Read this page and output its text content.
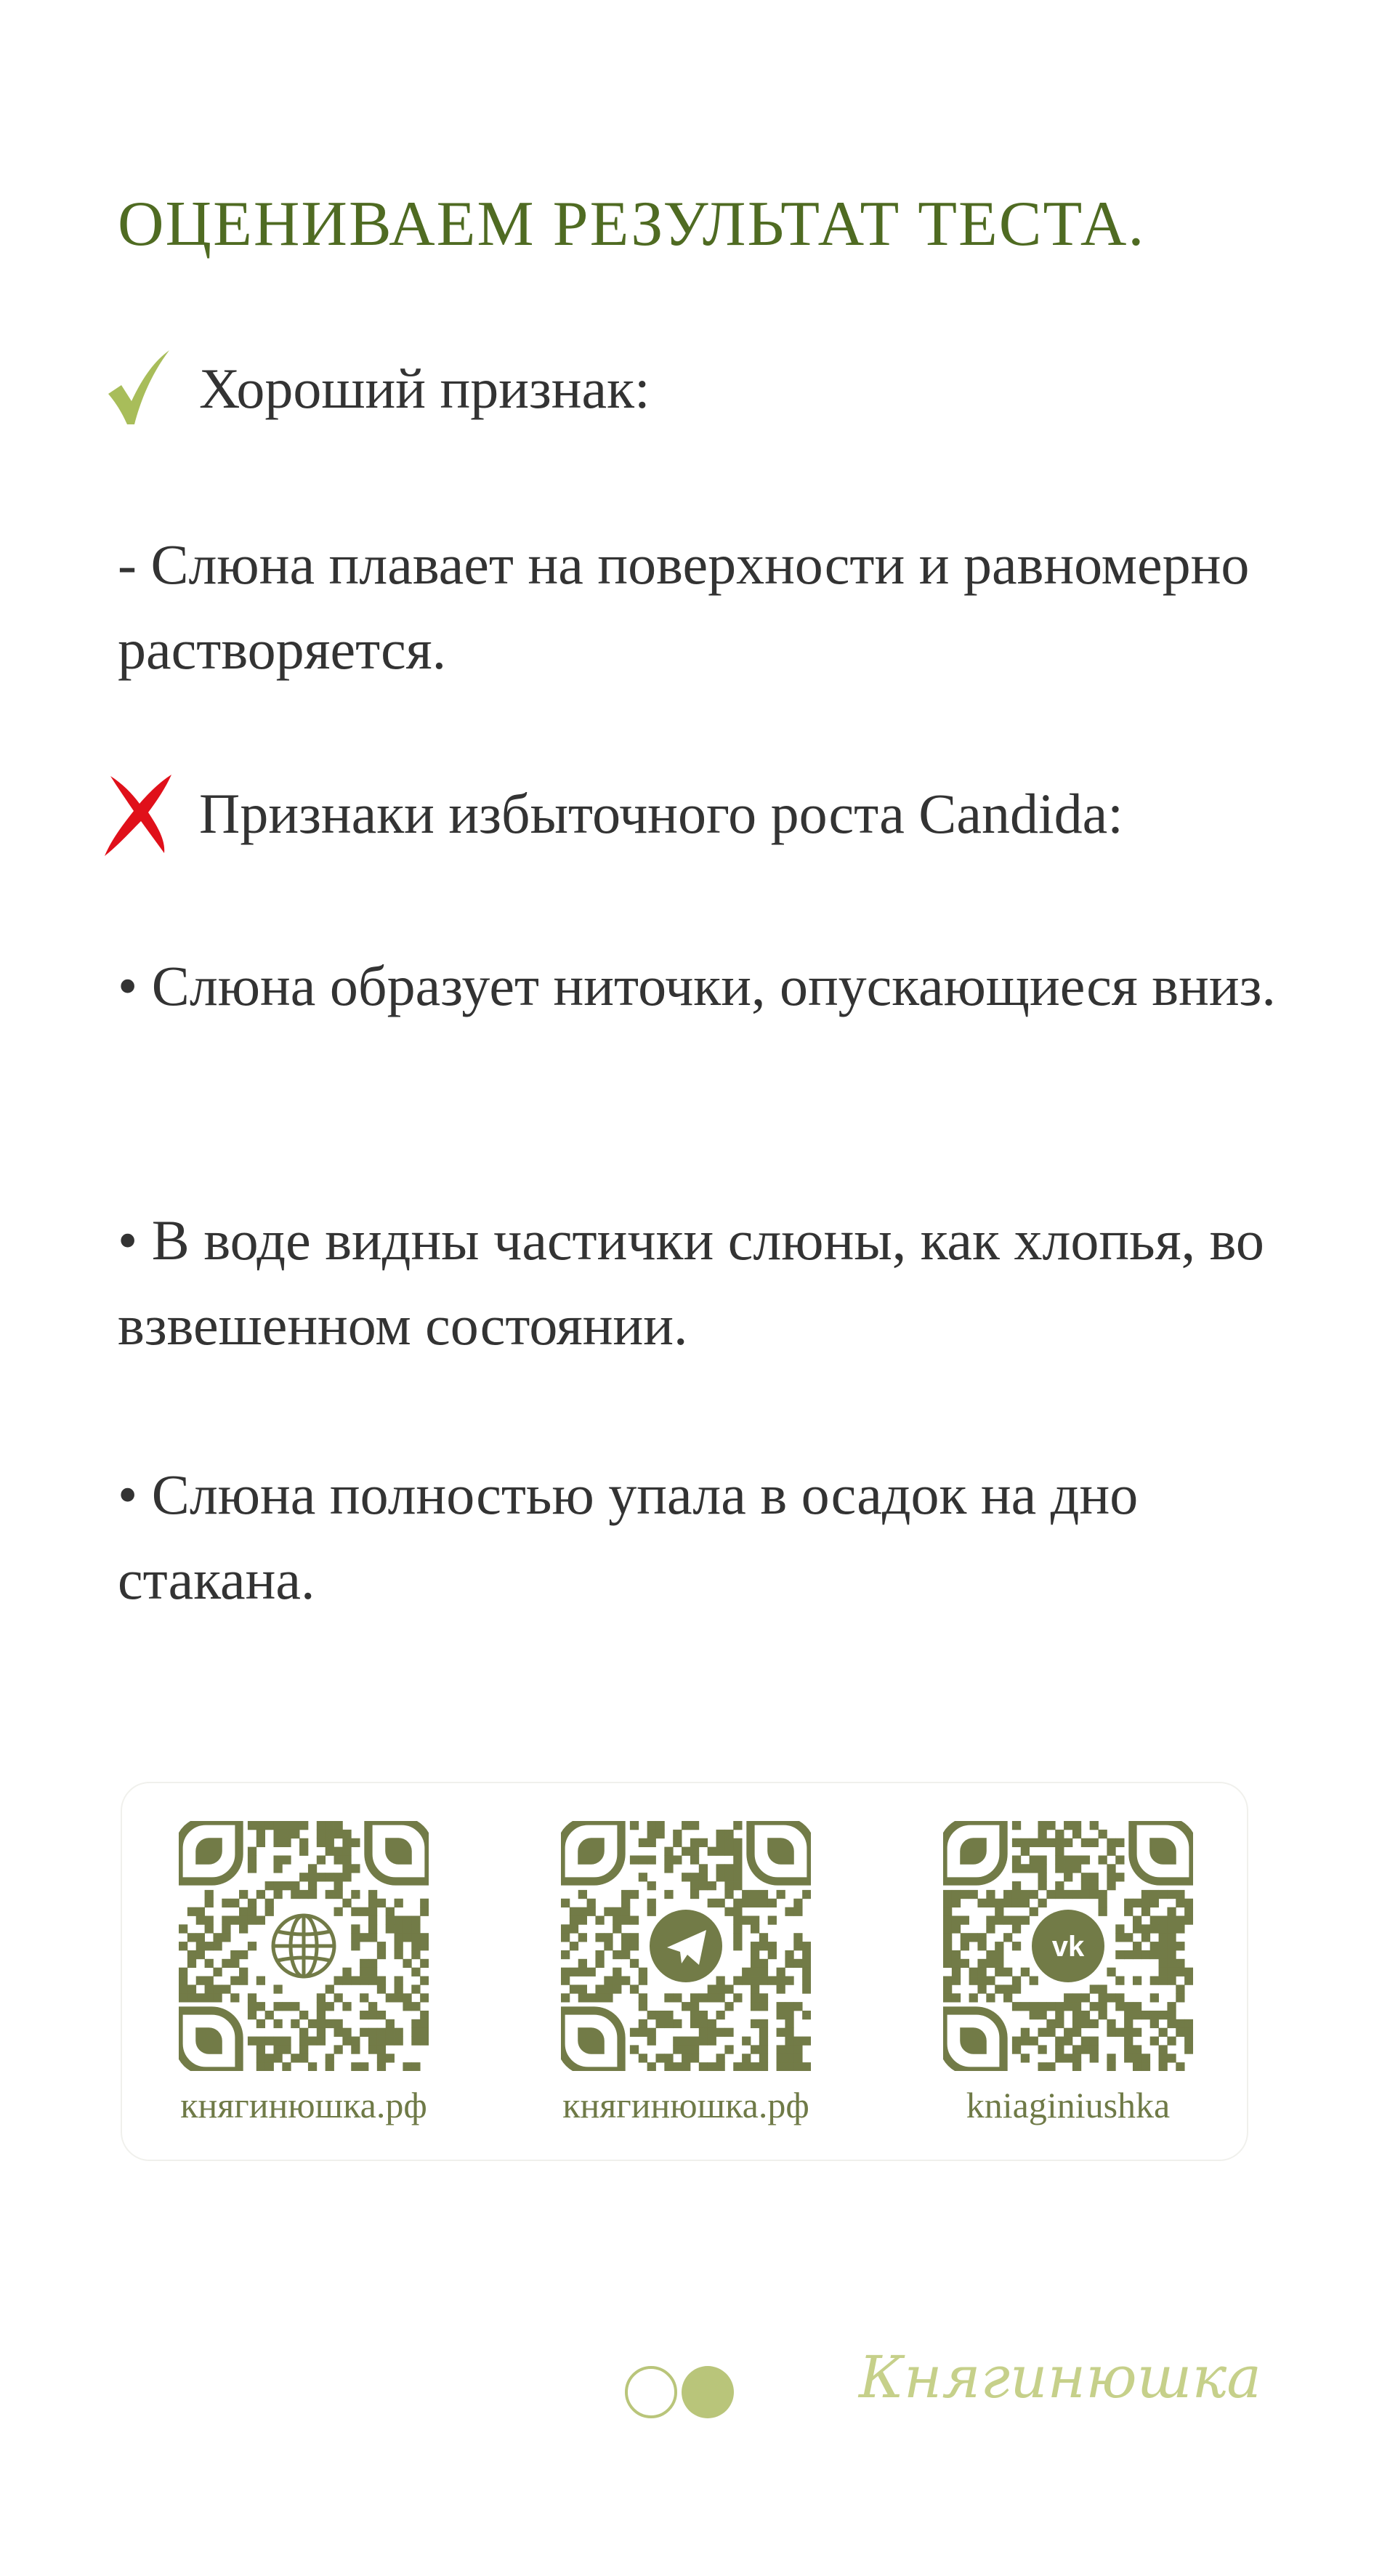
ОЦЕНИВАЕМ РЕЗУЛЬТАТ ТЕСТА.
Хороший признак:

- Слюна плавает на поверхности и равномерно растворяется.

Признаки избыточного роста Candida:

• Слюна образует ниточки, опускающиеся вниз.

• В воде видны частички слюны, как хлопья, во взвешенном состоянии.

• Слюна полностью упала в осадок на дно стакана.

княгинюшка.рф	княгинюшка.рф
vk
kniaginiushka
Княгинюшка
